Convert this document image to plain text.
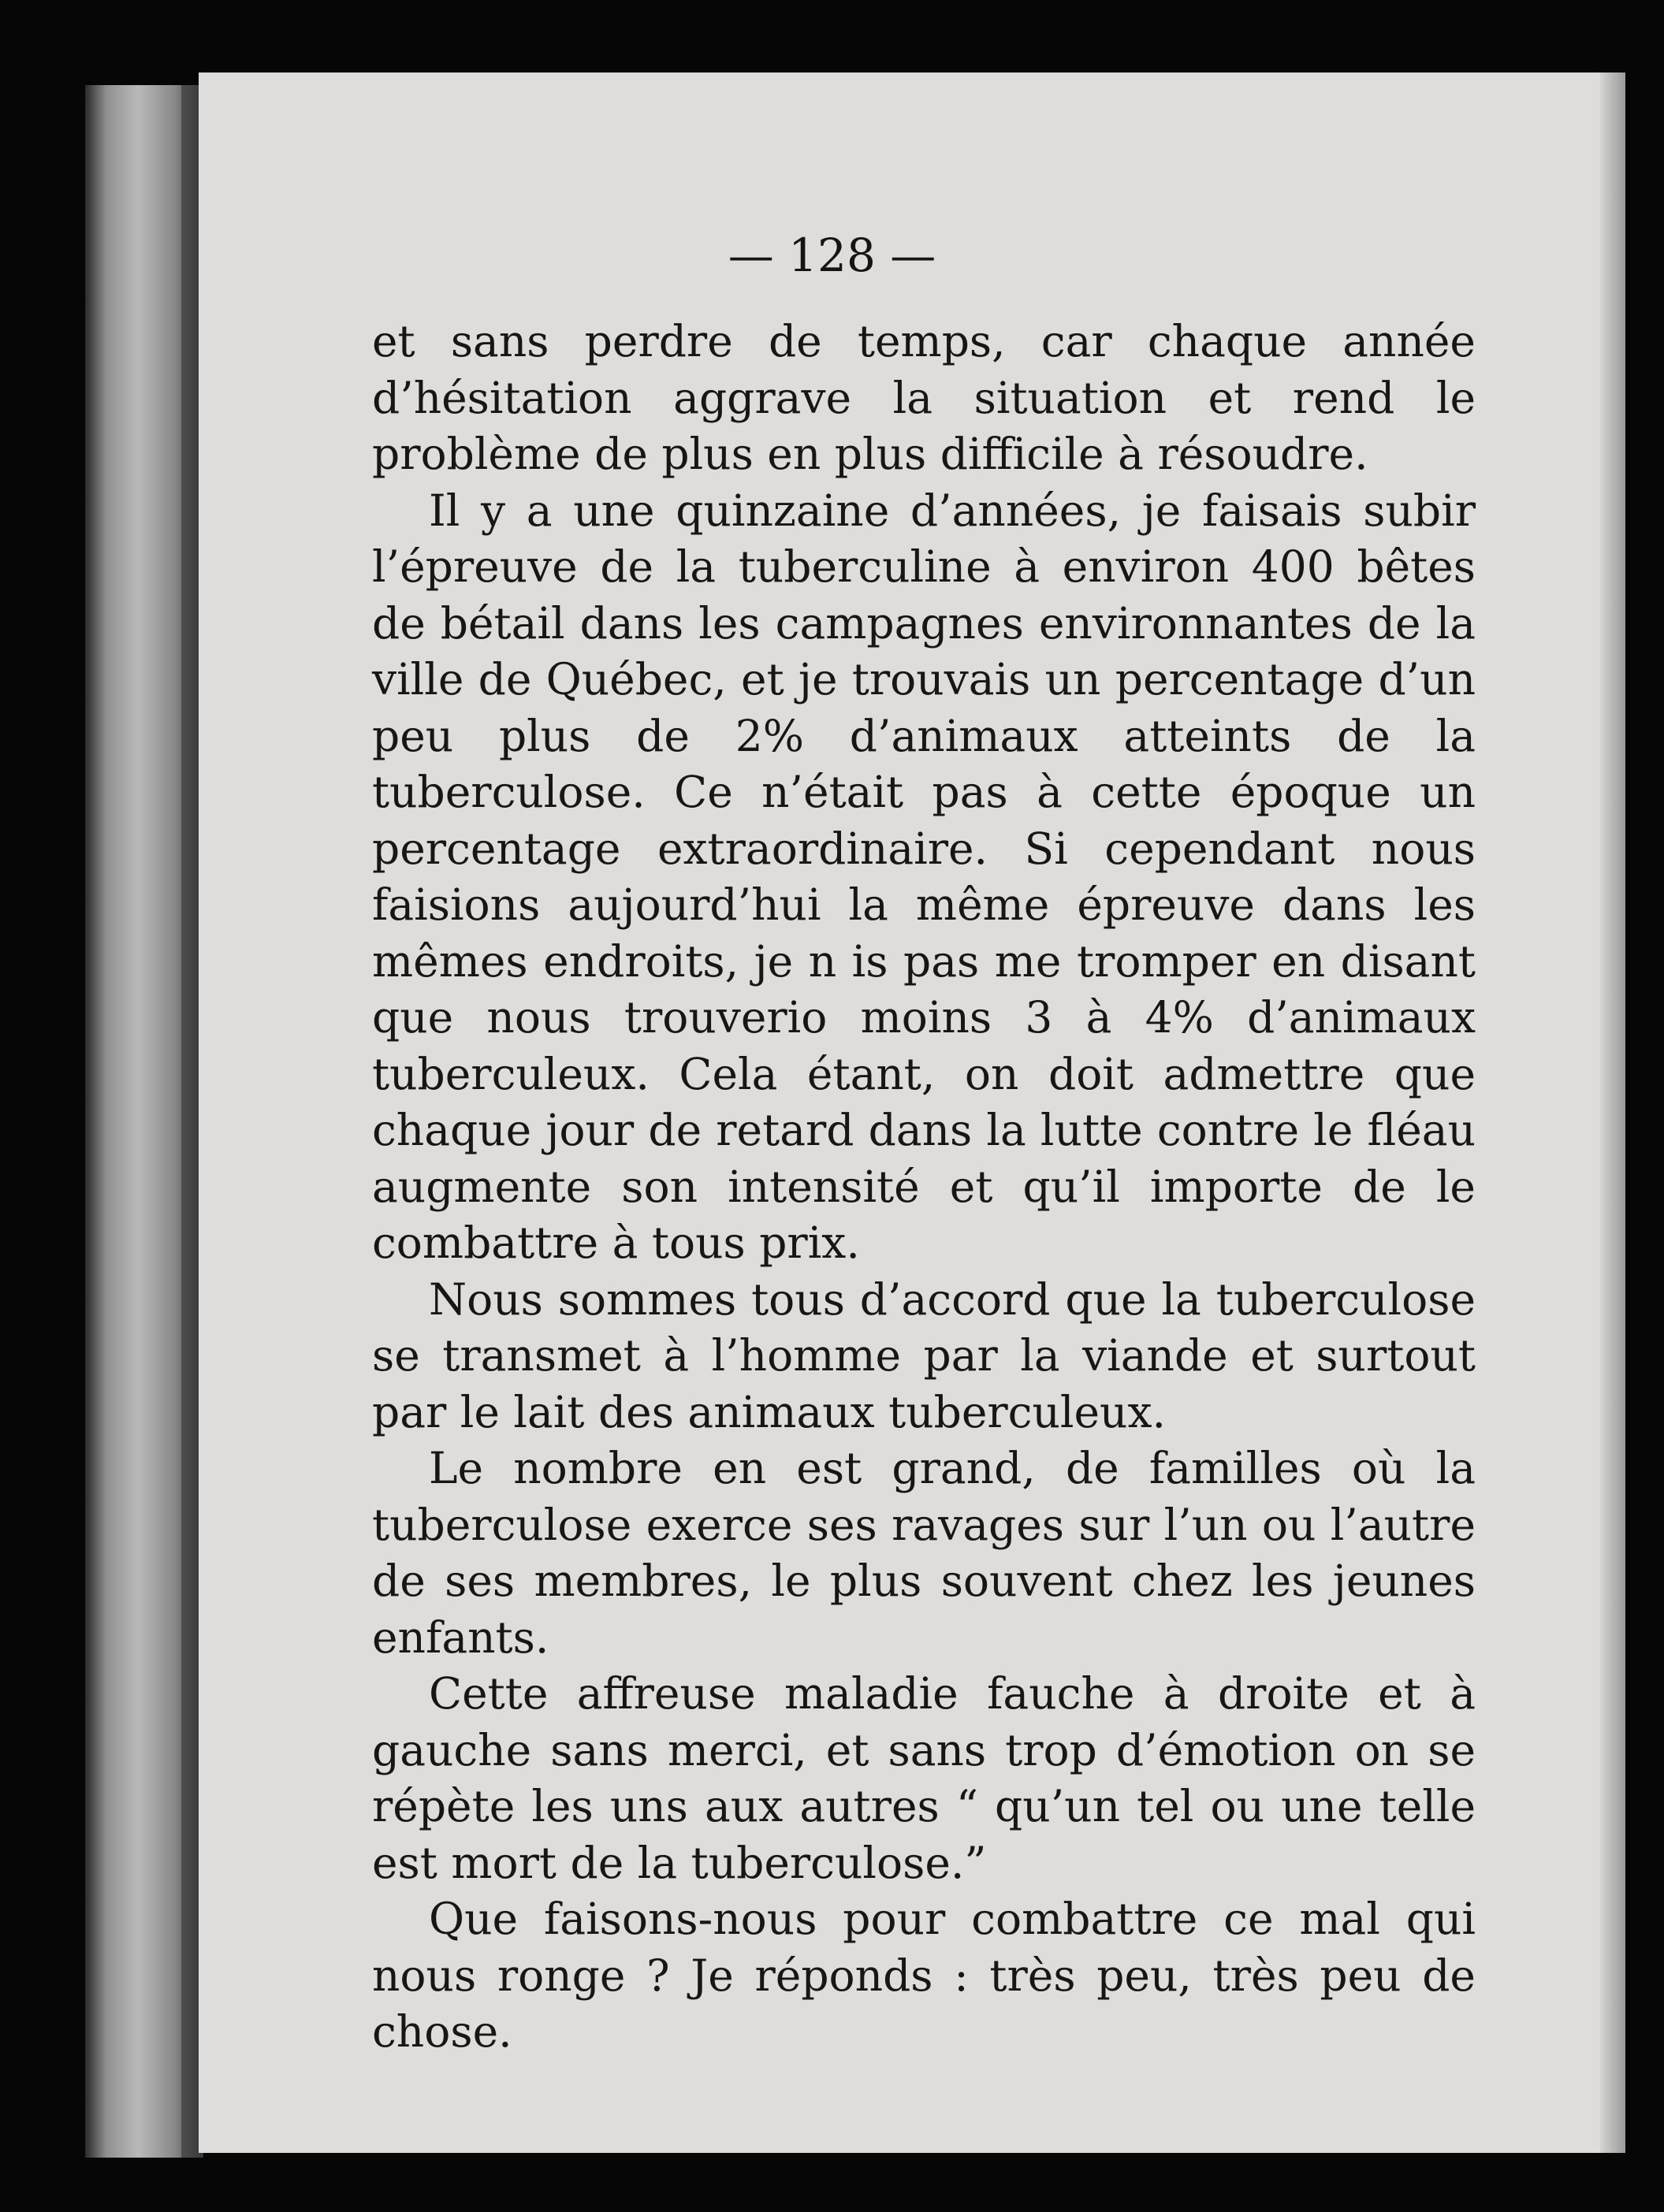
— 128 —

et sans perdre de temps, car chaque année d’hésitation aggrave la situation et rend le problème de plus en plus difficile à résoudre.

Il y a une quinzaine d’années, je faisais subir l’épreuve de la tuberculine à environ 400 bêtes de bétail dans les campagnes environnantes de la ville de Québec, et je trouvais un percentage d’un peu plus de 2% d’animaux atteints de la tuberculose. Ce n’était pas à cette époque un percentage extraordinaire. Si cependant nous faisions aujourd’hui la même épreuve dans les mêmes endroits, je n is pas me tromper en disant que nous trouverio moins 3 à 4% d’animaux tuberculeux. Cela étant, on doit admettre que chaque jour de retard dans la lutte contre le fléau augmente son intensité et qu’il importe de le combattre à tous prix.

Nous sommes tous d’accord que la tuberculose se transmet à l’homme par la viande et surtout par le lait des animaux tuberculeux.

Le nombre en est grand, de familles où la tuberculose exerce ses ravages sur l’un ou l’autre de ses membres, le plus souvent chez les jeunes enfants.

Cette affreuse maladie fauche à droite et à gauche sans merci, et sans trop d’émotion on se répète les uns aux autres “ qu’un tel ou une telle est mort de la tuberculose.”

Que faisons-nous pour combattre ce mal qui nous ronge ? Je réponds : très peu, très peu de chose.
